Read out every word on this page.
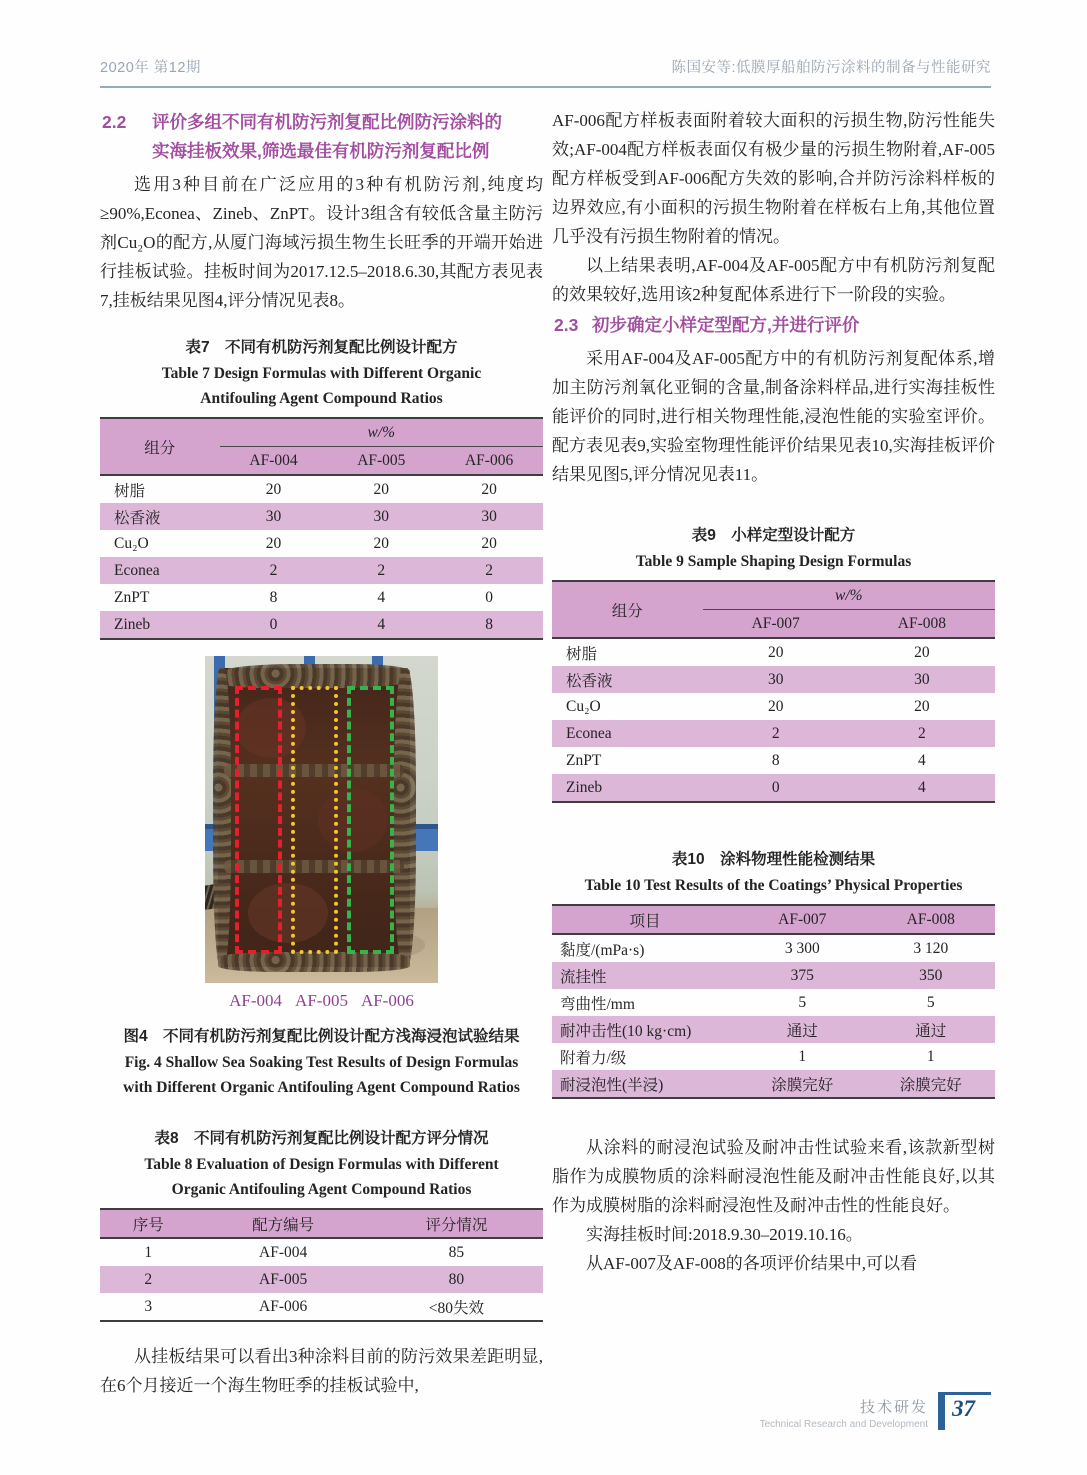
2020年 第12期	陈国安等:低膜厚船舶防污涂料的制备与性能研究
2.2 评价多组不同有机防污剂复配比例防污涂料的
实海挂板效果,筛选最佳有机防污剂复配比例

选用3种目前在广泛应用的3种有机防污剂,纯度均≥90%,Econea、Zineb、ZnPT。设计3组含有较低含量主防污剂Cu₂O的配方,从厦门海域污损生物生长旺季的开端开始进行挂板试验。挂板时间为2017.12.5–2018.6.30,其配方表见表7,挂板结果见图4,评分情况见表8。

表7　不同有机防污剂复配比例设计配方
Table 7 Design Formulas with Different Organic
Antifouling Agent Compound Ratios
组分	w/%		
	AF-004	AF-005	AF-006
树脂	20	20	20
松香液	30	30	30
Cu₂O	20	20	20
Econea	2	2	2
ZnPT	8	4	0
Zineb	0	4	8
AF-004 AF-005 AF-006
图4　不同有机防污剂复配比例设计配方浅海浸泡试验结果
Fig. 4 Shallow Sea Soaking Test Results of Design Formulas
with Different Organic Antifouling Agent Compound Ratios
表8　不同有机防污剂复配比例设计配方评分情况
Table 8 Evaluation of Design Formulas with Different
Organic Antifouling Agent Compound Ratios
序号	配方编号	评分情况
1	AF-004	85
2	AF-005	80
3	AF-006	<80失效

从挂板结果可以看出3种涂料目前的防污效果差距明显,在6个月接近一个海生物旺季的挂板试验中,

AF-006配方样板表面附着较大面积的污损生物,防污性能失效;AF-004配方样板表面仅有极少量的污损生物附着,AF-005配方样板受到AF-006配方失效的影响,合并防污涂料样板的边界效应,有小面积的污损生物附着在样板右上角,其他位置几乎没有污损生物附着的情况。

以上结果表明,AF-004及AF-005配方中有机防污剂复配的效果较好,选用该2种复配体系进行下一阶段的实验。

2.3 初步确定小样定型配方,并进行评价

采用AF-004及AF-005配方中的有机防污剂复配体系,增加主防污剂氧化亚铜的含量,制备涂料样品,进行实海挂板性能评价的同时,进行相关物理性能,浸泡性能的实验室评价。配方表见表9,实验室物理性能评价结果见表10,实海挂板评价结果见图5,评分情况见表11。

表9　小样定型设计配方
Table 9 Sample Shaping Design Formulas
组分	w/%	
	AF-007	AF-008
树脂	20	20
松香液	30	30
Cu₂O	20	20
Econea	2	2
ZnPT	8	4
Zineb	0	4
表10　涂料物理性能检测结果
Table 10 Test Results of the Coatings’ Physical Properties
项目	AF-007	AF-008
黏度/(mPa·s)	3 300	3 120
流挂性	375	350
弯曲性/mm	5	5
耐冲击性(10 kg·cm)	通过	通过
附着力/级	1	1
耐浸泡性(半浸)	涂膜完好	涂膜完好

从涂料的耐浸泡试验及耐冲击性试验来看,该款新型树脂作为成膜物质的涂料耐浸泡性能及耐冲击性能良好,以其作为成膜树脂的涂料耐浸泡性及耐冲击性的性能良好。

实海挂板时间:2018.9.30–2019.10.16。

从AF-007及AF-008的各项评价结果中,可以看

技术研发
Technical Research and Development
37
